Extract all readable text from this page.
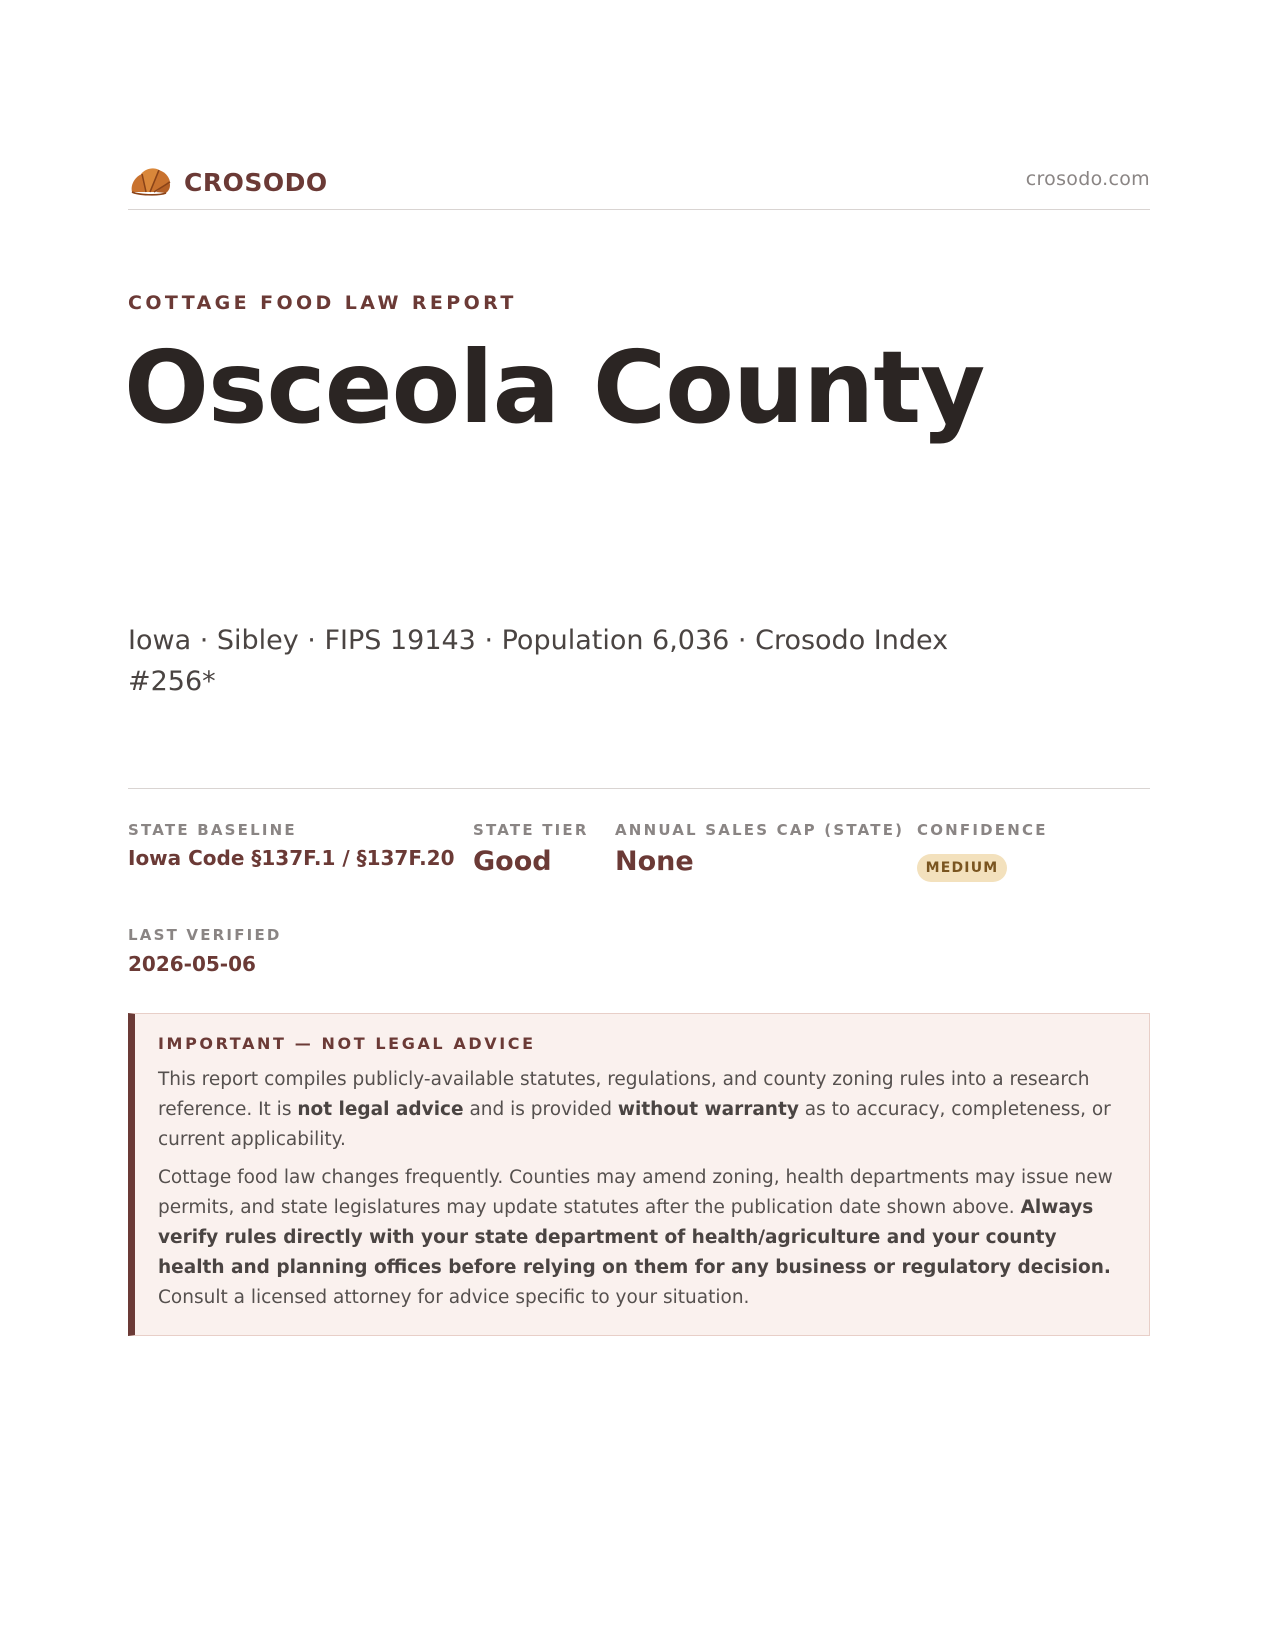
CROSODO	crosodo.com
COTTAGE FOOD LAW REPORT
Osceola County
Iowa · Sibley · FIPS 19143 · Population 6,036 · Crosodo Index #256*
STATE BASELINE
Iowa Code §137F.1 / §137F.20
STATE TIER
Good
ANNUAL SALES CAP (STATE)
None
CONFIDENCE
MEDIUM
LAST VERIFIED
2026-05-06
IMPORTANT — NOT LEGAL ADVICE

This report compiles publicly-available statutes, regulations, and county zoning rules into a research reference. It is not legal advice and is provided without warranty as to accuracy, completeness, or current applicability.

Cottage food law changes frequently. Counties may amend zoning, health departments may issue new permits, and state legislatures may update statutes after the publication date shown above. Always verify rules directly with your state department of health/agriculture and your county health and planning offices before relying on them for any business or regulatory decision. Consult a licensed attorney for advice specific to your situation.
